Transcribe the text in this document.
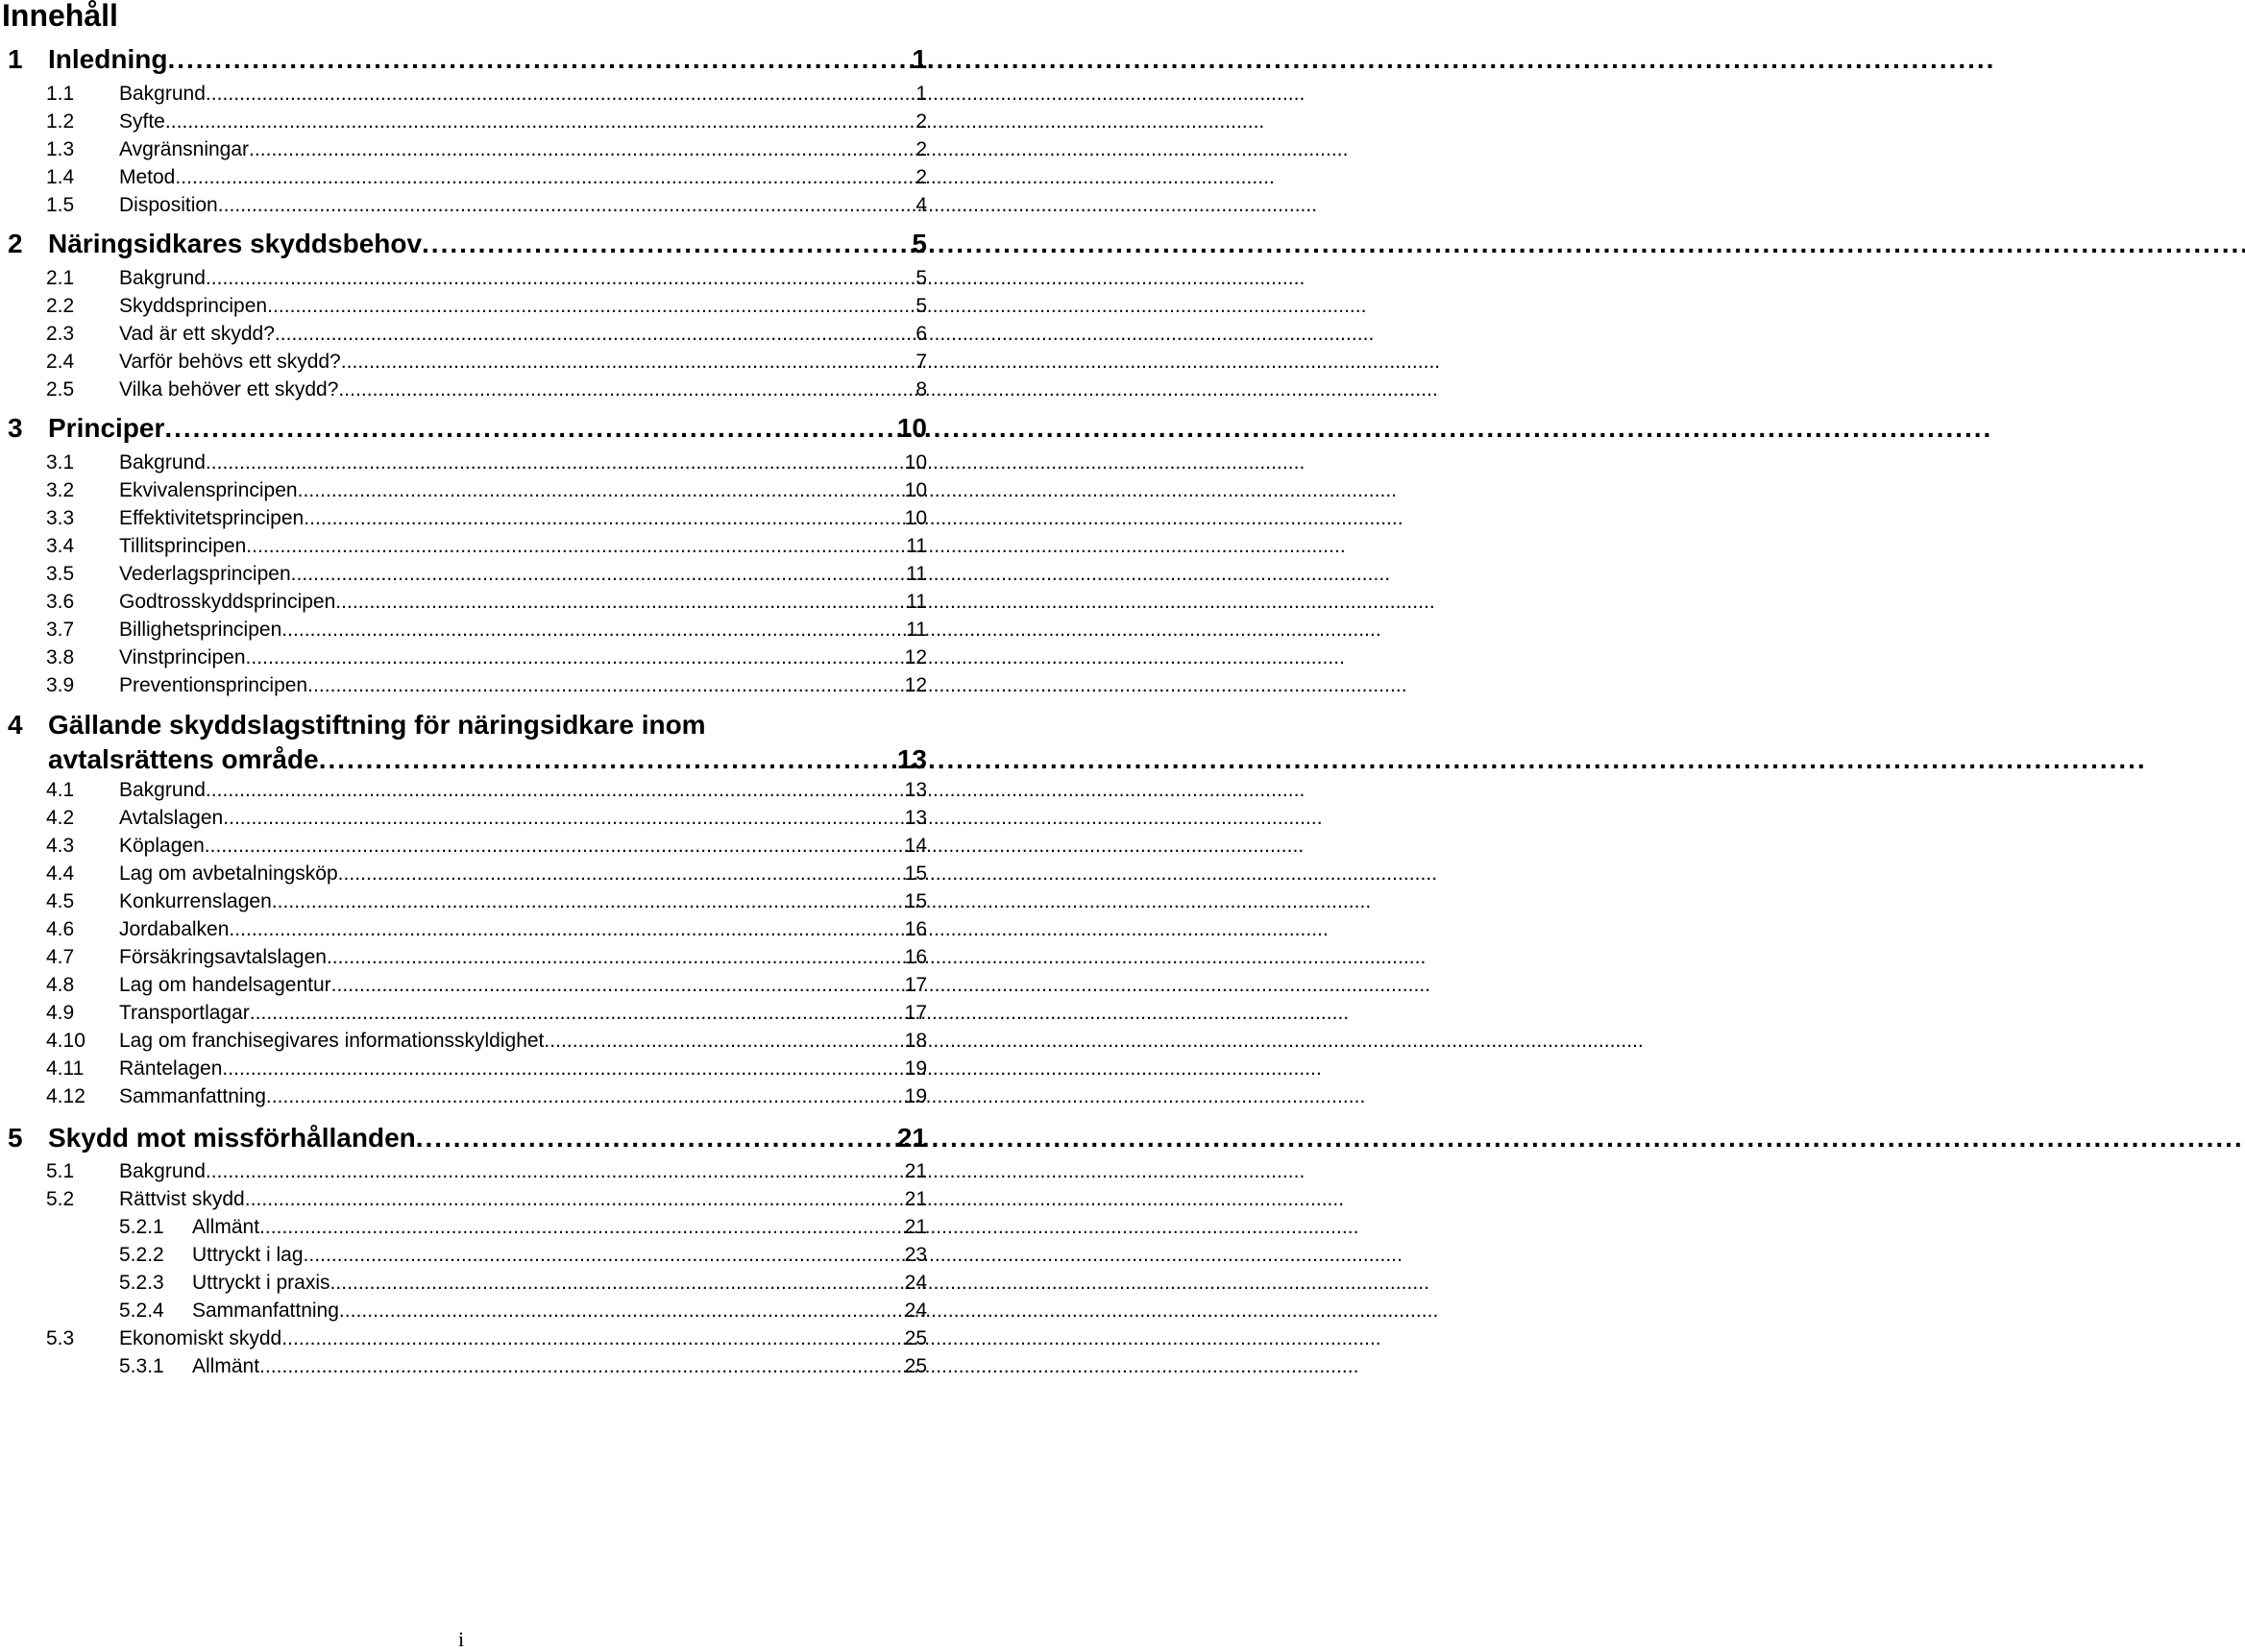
Innehåll
1 Inledning . . .	1
1.1	Bakgrund . . .	1
1.2	Syfte . . .	2
1.3	Avgränsningar . . .	2
1.4	Metod . . .	2
1.5	Disposition . . .	4
2 Näringsidkares skyddsbehov . . .	5
2.1	Bakgrund . . .	5
2.2	Skyddsprincipen . . .	5
2.3	Vad är ett skydd? . . .	6
2.4	Varför behövs ett skydd? . . .	7
2.5	Vilka behöver ett skydd? . . .	8
3 Principer . . .	10
3.1	Bakgrund . . .	10
3.2	Ekvivalensprincipen . . .	10
3.3	Effektivitetsprincipen . . .	10
3.4	Tillitsprincipen . . .	11
3.5	Vederlagsprincipen . . .	11
3.6	Godtrosskyddsprincipen . . .	11
3.7	Billighetsprincipen . . .	11
3.8	Vinstprincipen . . .	12
3.9	Preventionsprincipen . . .	12
4 Gällande skyddslagstiftning för näringsidkare inom
avtalsrättens område . . .	13
4.1	Bakgrund . . .	13
4.2	Avtalslagen . . .	13
4.3	Köplagen . . .	14
4.4	Lag om avbetalningsköp . . .	15
4.5	Konkurrenslagen . . .	15
4.6	Jordabalken . . .	16
4.7	Försäkringsavtalslagen . . .	16
4.8	Lag om handelsagentur . . .	17
4.9	Transportlagar . . .	17
4.10	Lag om franchisegivares informationsskyldighet . . .	18
4.11	Räntelagen . . .	19
4.12	Sammanfattning . . .	19
5 Skydd mot missförhållanden . . .	21
5.1	Bakgrund . . .	21
5.2	Rättvist skydd . . .	21
5.2.1	Allmänt . . .	21
5.2.2	Uttryckt i lag . . .	23
5.2.3	Uttryckt i praxis . . .	24
5.2.4	Sammanfattning . . .	24
5.3	Ekonomiskt skydd . . .	25
5.3.1	Allmänt . . .	25
i
